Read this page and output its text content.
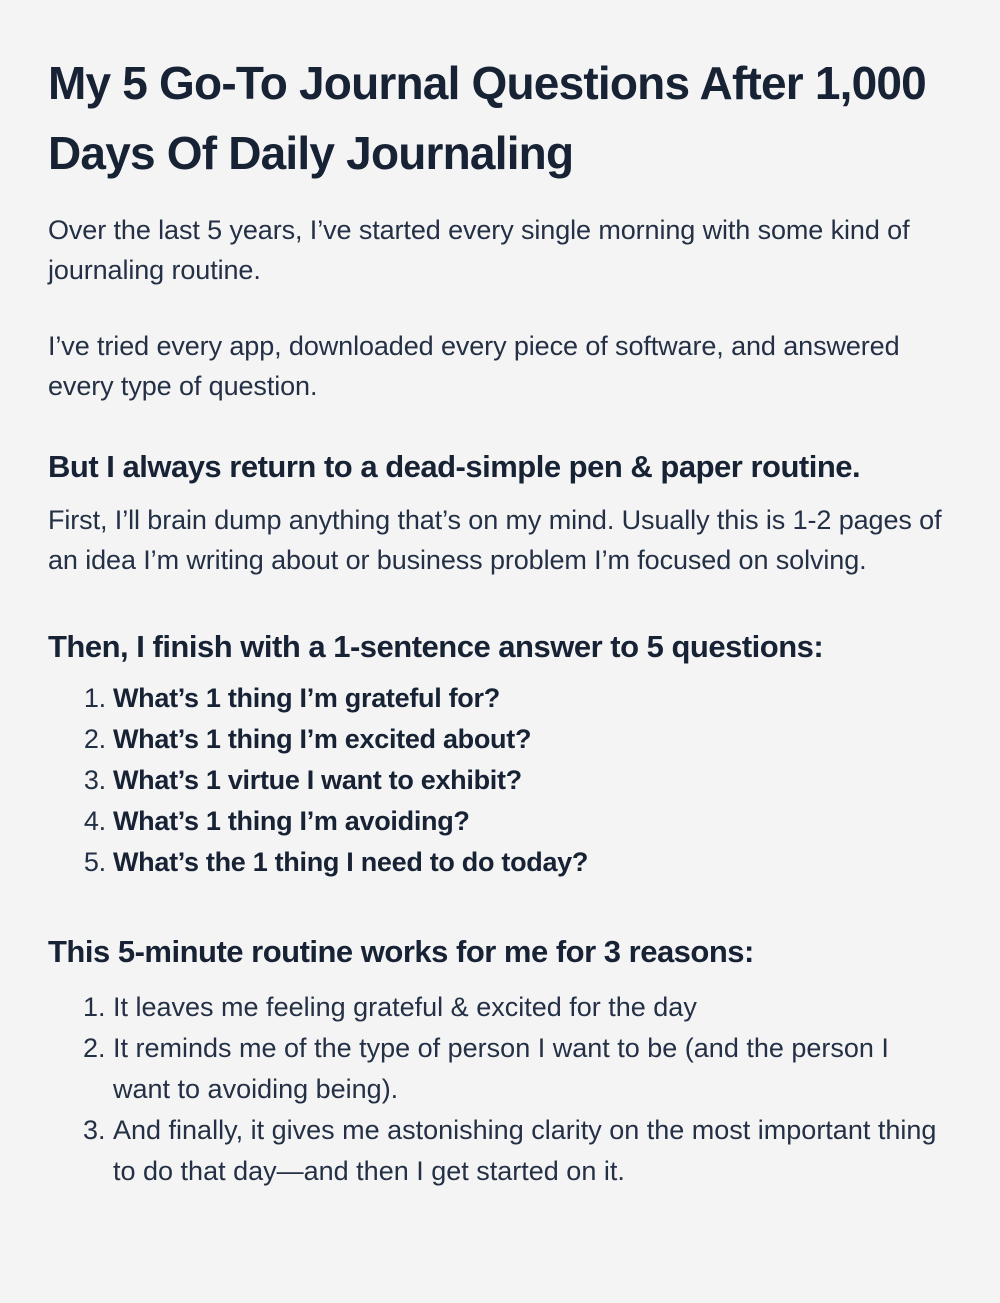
My 5 Go-To Journal Questions After 1,000 Days Of Daily Journaling

Over the last 5 years, I’ve started every single morning with some kind of journaling routine.

I’ve tried every app, downloaded every piece of software, and answered every type of question.

But I always return to a dead-simple pen & paper routine.

First, I’ll brain dump anything that’s on my mind. Usually this is 1-2 pages of an idea I’m writing about or business problem I’m focused on solving.

Then, I finish with a 1-sentence answer to 5 questions:
1. What’s 1 thing I’m grateful for?
2. What’s 1 thing I’m excited about?
3. What’s 1 virtue I want to exhibit?
4. What’s 1 thing I’m avoiding?
5. What’s the 1 thing I need to do today?
This 5-minute routine works for me for 3 reasons:
1. It leaves me feeling grateful & excited for the day
2. It reminds me of the type of person I want to be (and the person I want to avoiding being).
3. And finally, it gives me astonishing clarity on the most important thing to do that day—and then I get started on it.
